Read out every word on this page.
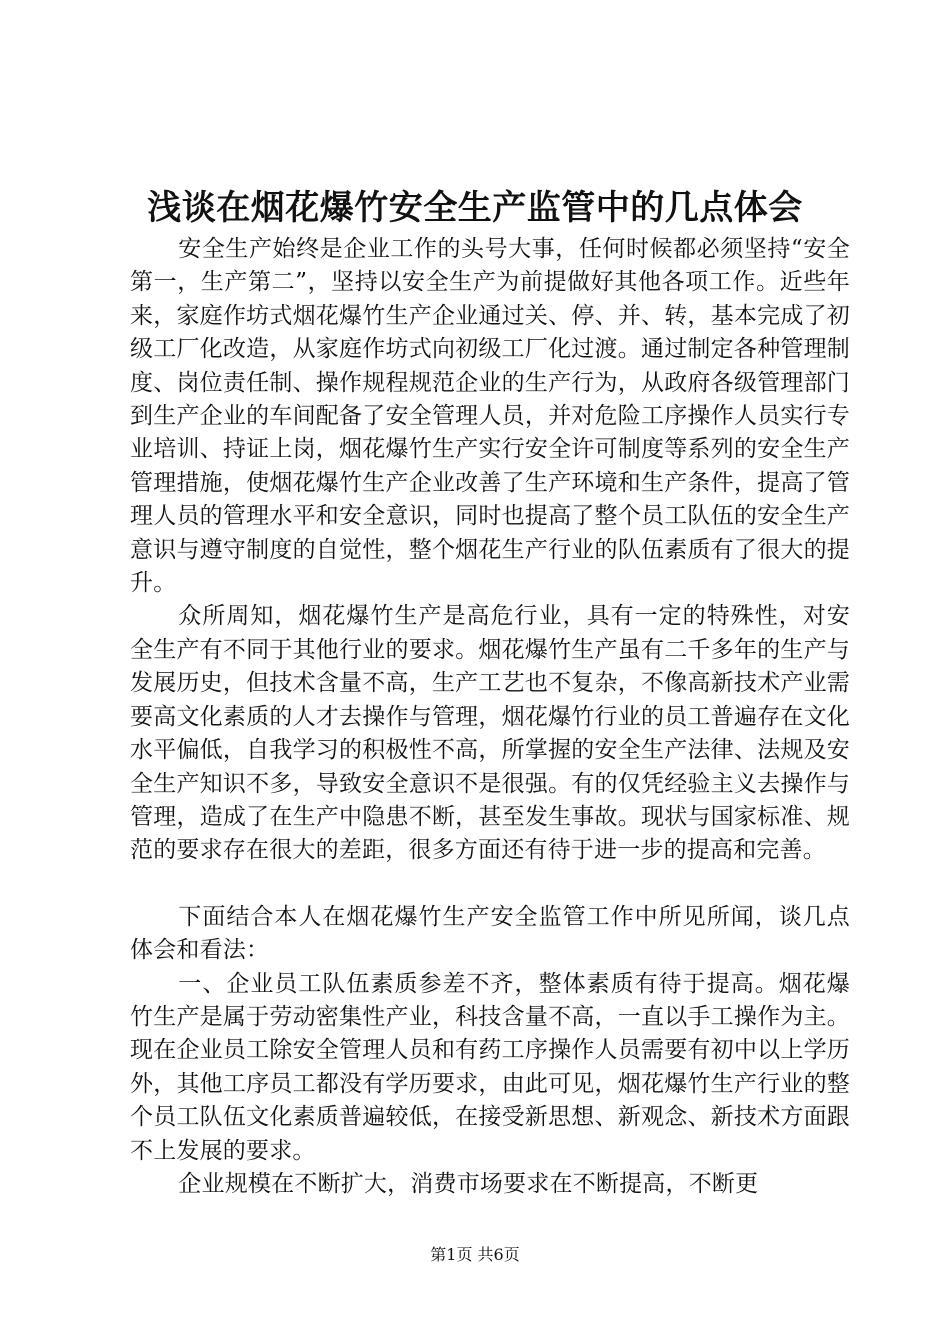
浅谈在烟花爆竹安全生产监管中的几点体会

安全生产始终是企业工作的头号大事，任何时候都必须坚持“安全第一，生产第二”，坚持以安全生产为前提做好其他各项工作。近些年来，家庭作坊式烟花爆竹生产企业通过关、停、并、转，基本完成了初级工厂化改造，从家庭作坊式向初级工厂化过渡。通过制定各种管理制度、岗位责任制、操作规程规范企业的生产行为，从政府各级管理部门到生产企业的车间配备了安全管理人员，并对危险工序操作人员实行专业培训、持证上岗，烟花爆竹生产实行安全许可制度等系列的安全生产管理措施，使烟花爆竹生产企业改善了生产环境和生产条件，提高了管理人员的管理水平和安全意识，同时也提高了整个员工队伍的安全生产意识与遵守制度的自觉性，整个烟花生产行业的队伍素质有了很大的提升。

众所周知，烟花爆竹生产是高危行业，具有一定的特殊性，对安全生产有不同于其他行业的要求。烟花爆竹生产虽有二千多年的生产与发展历史，但技术含量不高，生产工艺也不复杂，不像高新技术产业需要高文化素质的人才去操作与管理，烟花爆竹行业的员工普遍存在文化水平偏低，自我学习的积极性不高，所掌握的安全生产法律、法规及安全生产知识不多，导致安全意识不是很强。有的仅凭经验主义去操作与管理，造成了在生产中隐患不断，甚至发生事故。现状与国家标准、规范的要求存在很大的差距，很多方面还有待于进一步的提高和完善。

下面结合本人在烟花爆竹生产安全监管工作中所见所闻，谈几点体会和看法：

一、企业员工队伍素质参差不齐，整体素质有待于提高。烟花爆竹生产是属于劳动密集性产业，科技含量不高，一直以手工操作为主。现在企业员工除安全管理人员和有药工序操作人员需要有初中以上学历外，其他工序员工都没有学历要求，由此可见，烟花爆竹生产行业的整个员工队伍文化素质普遍较低，在接受新思想、新观念、新技术方面跟不上发展的要求。

企业规模在不断扩大，消费市场要求在不断提高，不断更

第1页 共6页
